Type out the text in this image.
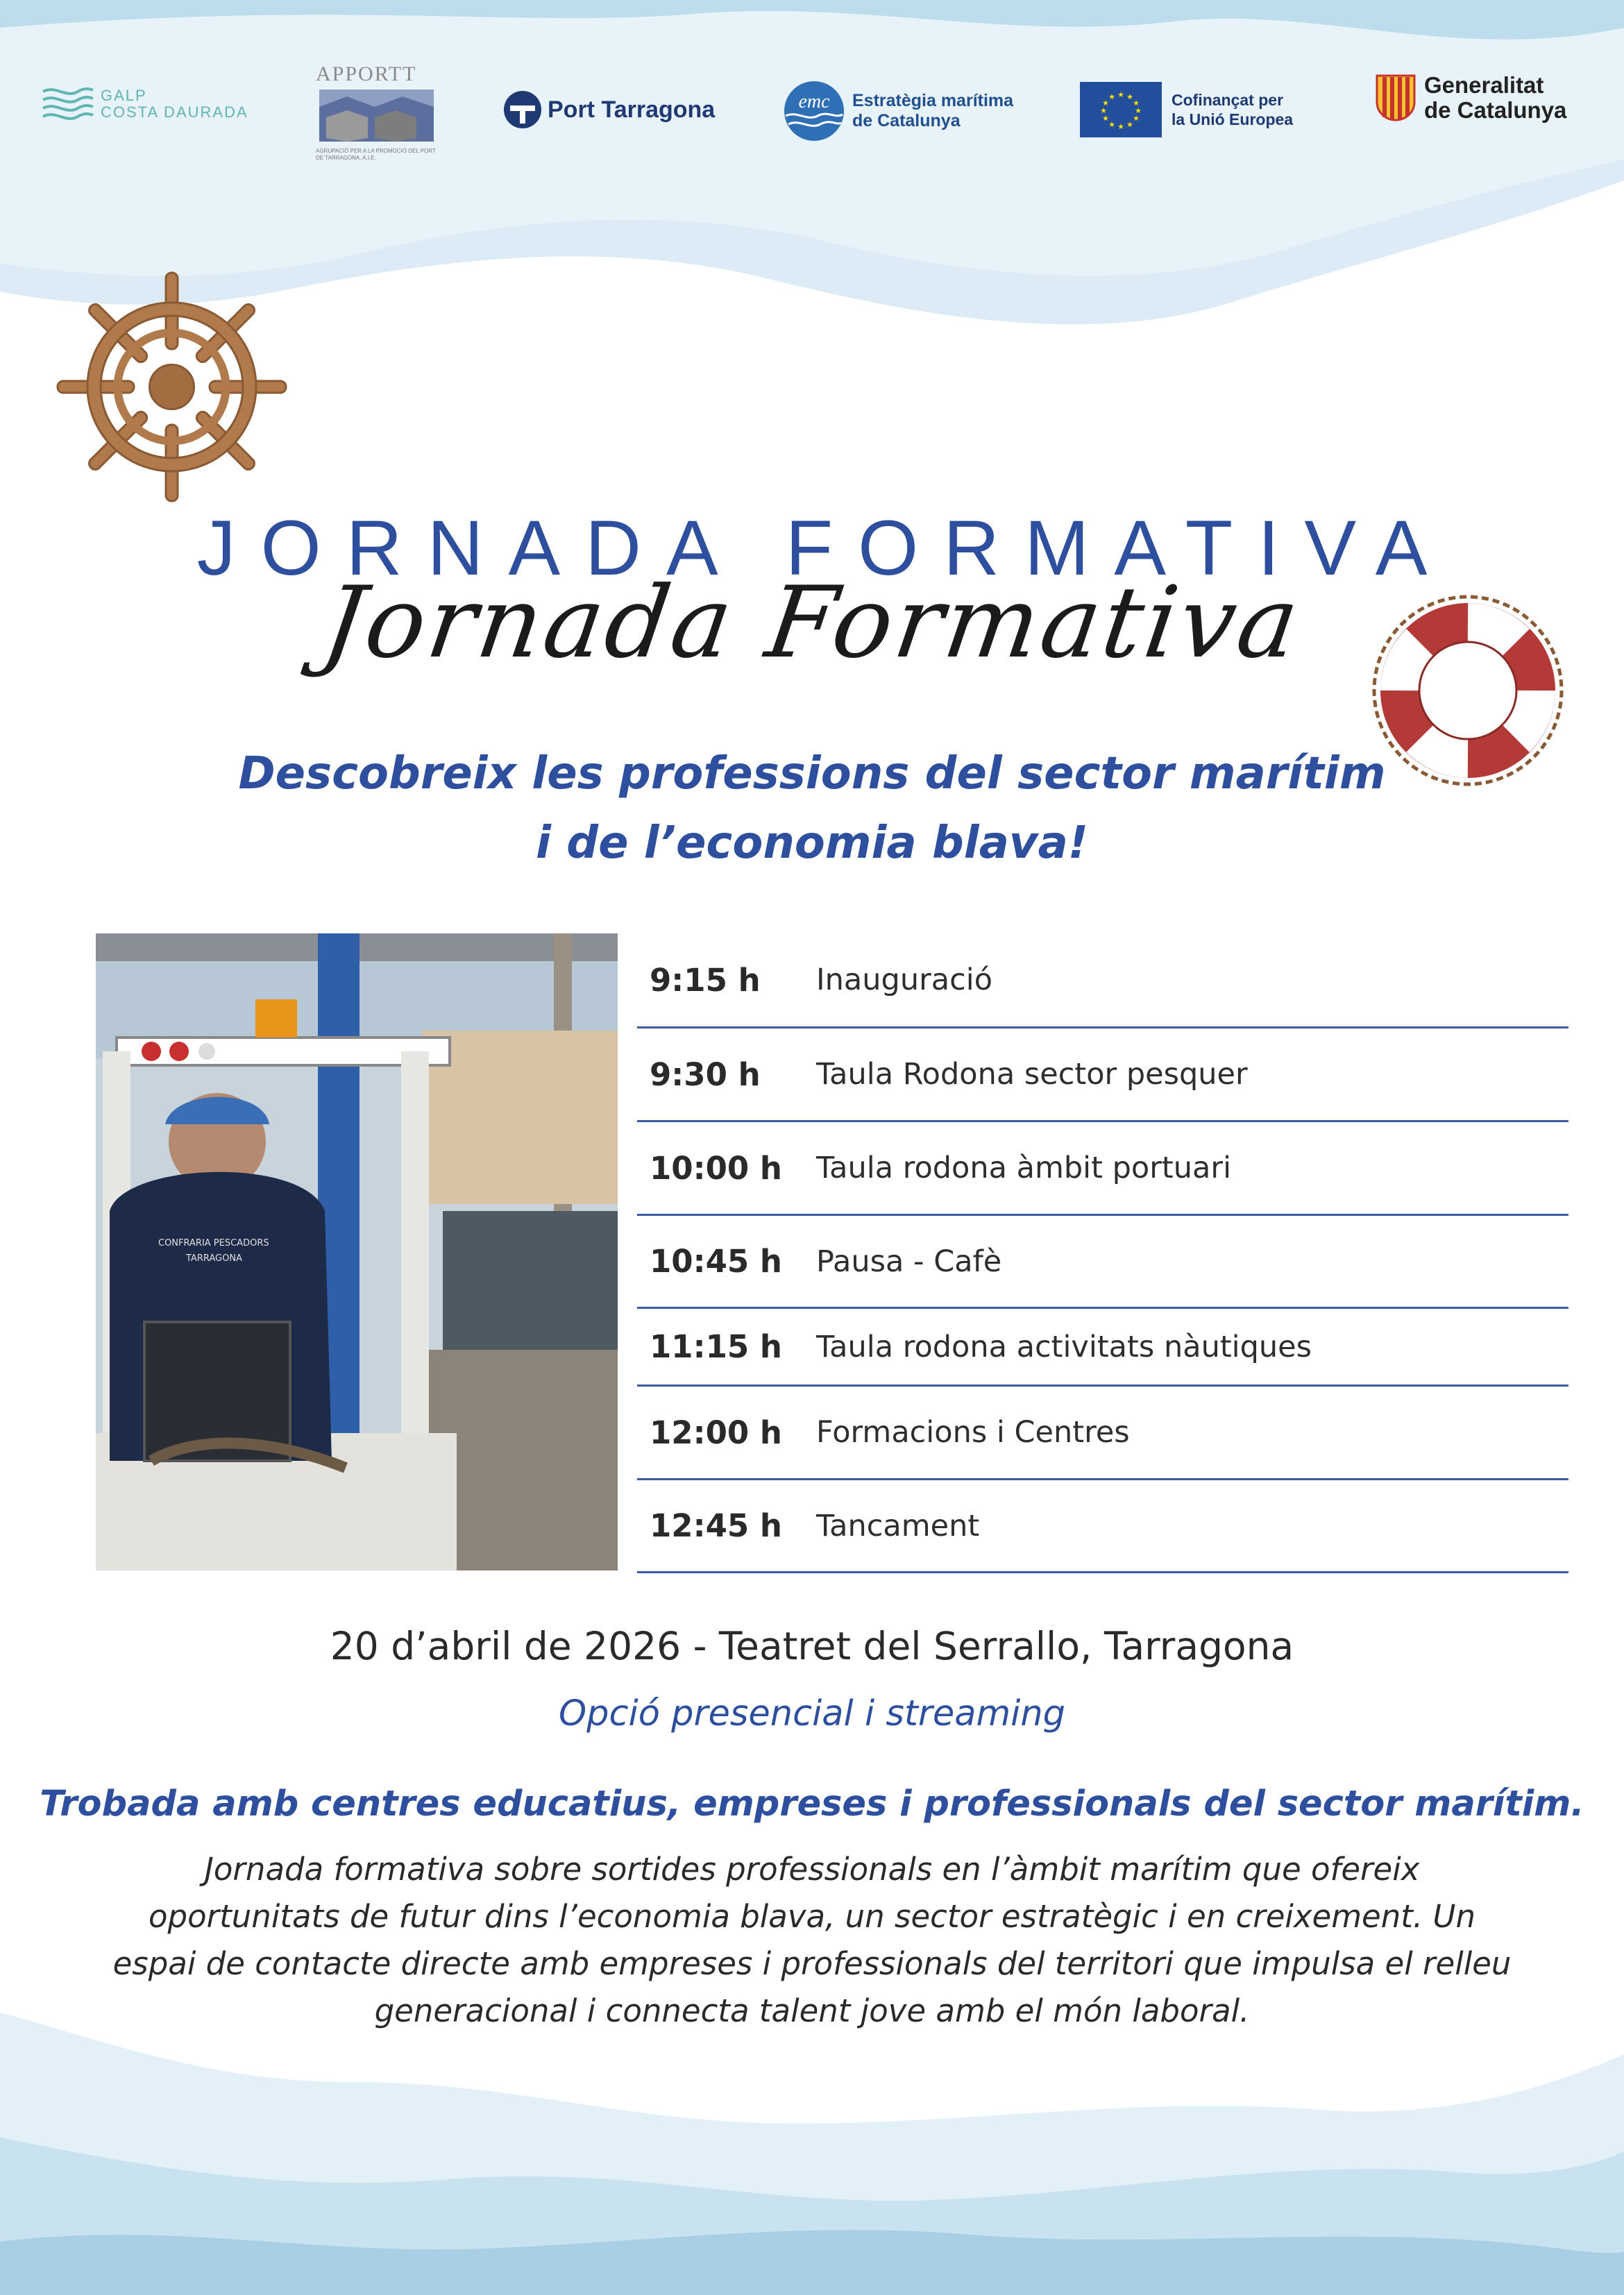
GALP
COSTA DAURADA
APPORTT
AGRUPACIÓ PER A LA PROMOCIÓ DEL PORT DE TARRAGONA, A.I.E.
Port Tarragona	emc Estratègia marítima
de Catalunya
★ ★
★
★
★
★
★
★
★
★
★
★	Cofinançat per
la Unió Europea
Generalitat
de Catalunya
JORNADA FORMATIVA
Jornada Formativa
Descobreix les professions del sector marítim
i de l’economia blava!
CONFRARIA PESCADORS
TARRAGONA
9:15 h	Inauguració
9:30 h	Taula Rodona sector pesquer
10:00 h	Taula rodona àmbit portuari
10:45 h	Pausa - Cafè
11:15 h	Taula rodona activitats nàutiques
12:00 h	Formacions i Centres
12:45 h	Tancament
20 d’abril de 2026 - Teatret del Serrallo, Tarragona
Opció presencial i streaming
Trobada amb centres educatius, empreses i professionals del sector marítim.
Jornada formativa sobre sortides professionals en l’àmbit marítim que ofereix oportunitats de futur dins l’economia blava, un sector estratègic i en creixement. Un espai de contacte directe amb empreses i professionals del territori que impulsa el relleu generacional i connecta talent jove amb el món laboral.
